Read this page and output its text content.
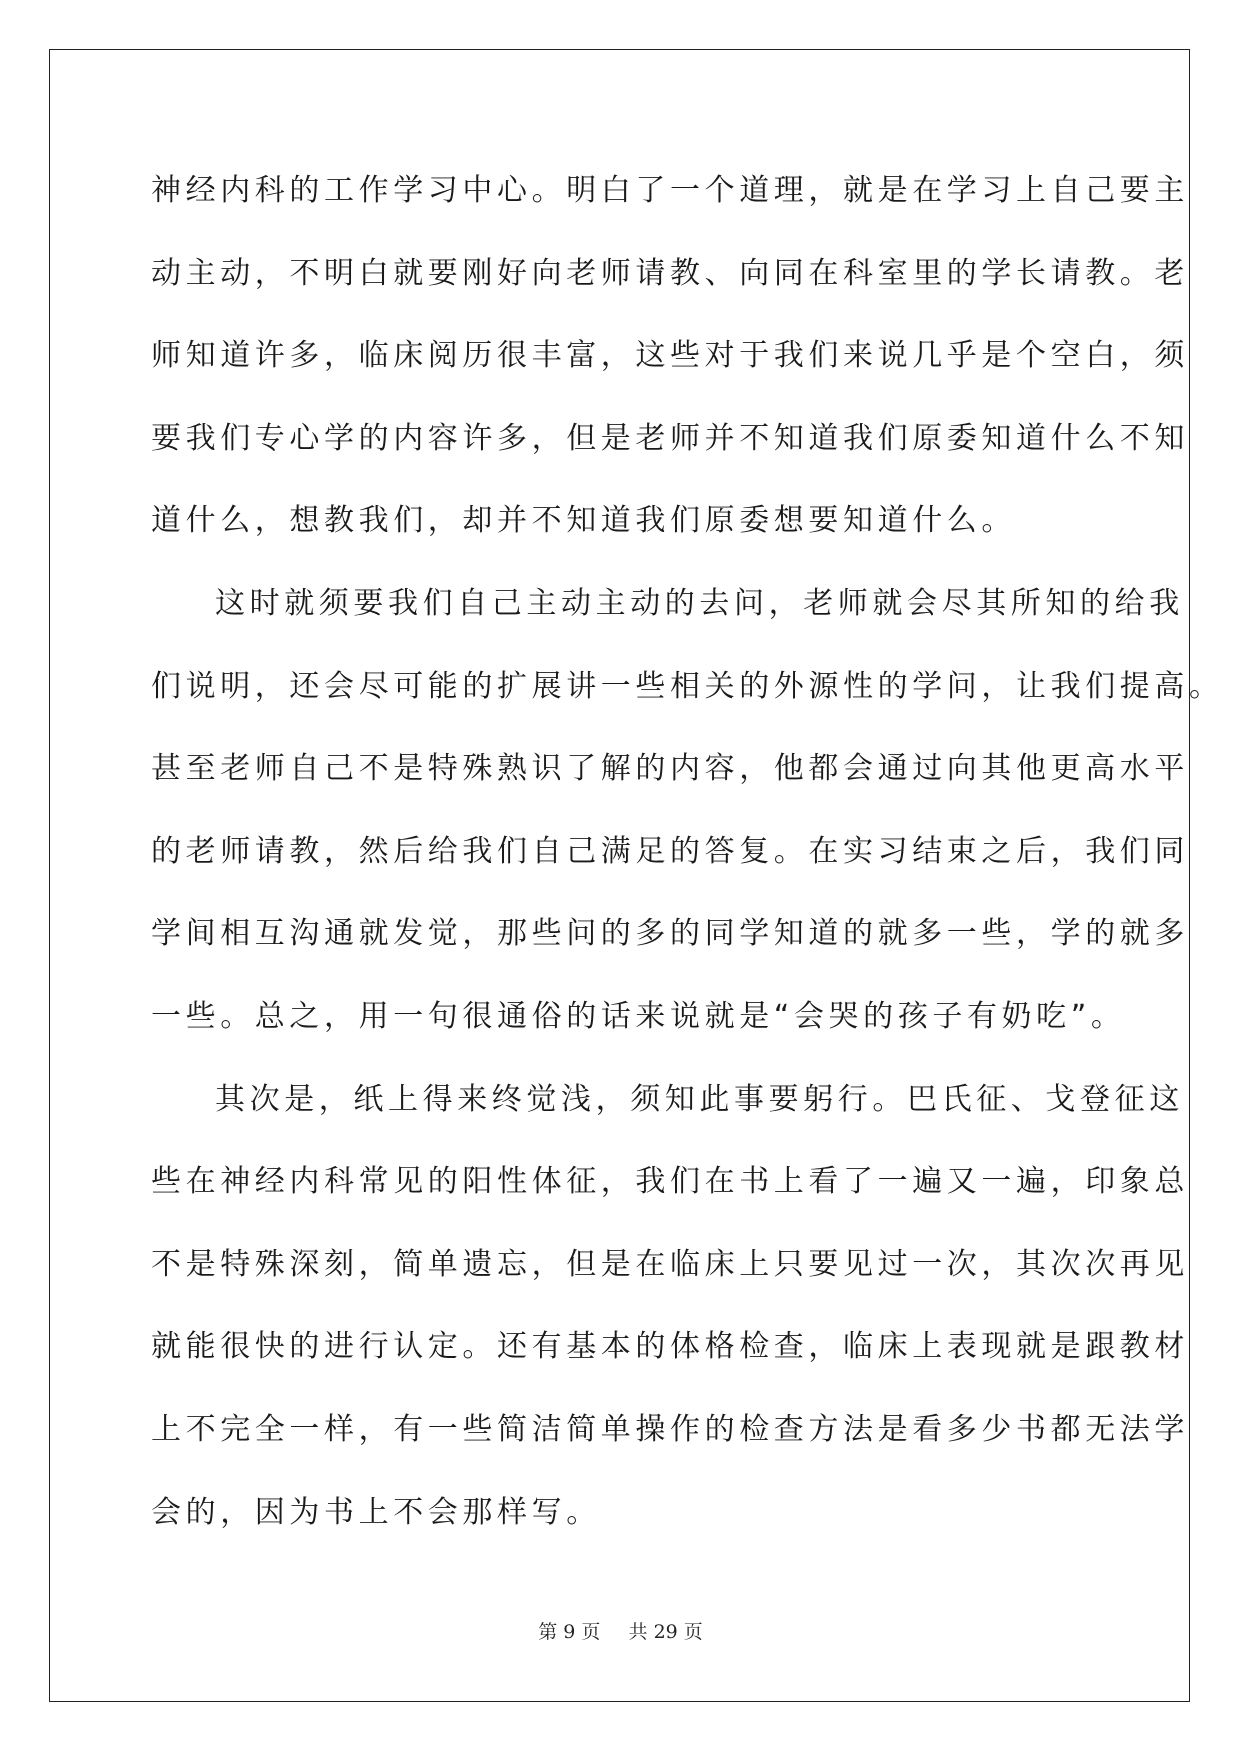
神经内科的工作学习中心。明白了一个道理，就是在学习上自己要主
动主动，不明白就要刚好向老师请教、向同在科室里的学长请教。老
师知道许多，临床阅历很丰富，这些对于我们来说几乎是个空白，须
要我们专心学的内容许多，但是老师并不知道我们原委知道什么不知
道什么，想教我们，却并不知道我们原委想要知道什么。
这时就须要我们自己主动主动的去问，老师就会尽其所知的给我
们说明，还会尽可能的扩展讲一些相关的外源性的学问，让我们提高。
甚至老师自己不是特殊熟识了解的内容，他都会通过向其他更高水平
的老师请教，然后给我们自己满足的答复。在实习结束之后，我们同
学间相互沟通就发觉，那些问的多的同学知道的就多一些，学的就多
一些。总之，用一句很通俗的话来说就是“会哭的孩子有奶吃”。
其次是，纸上得来终觉浅，须知此事要躬行。巴氏征、戈登征这
些在神经内科常见的阳性体征，我们在书上看了一遍又一遍，印象总
不是特殊深刻，简单遗忘，但是在临床上只要见过一次，其次次再见
就能很快的进行认定。还有基本的体格检查，临床上表现就是跟教材
上不完全一样，有一些简洁简单操作的检查方法是看多少书都无法学
会的，因为书上不会那样写。
第 9 页 共 29 页
